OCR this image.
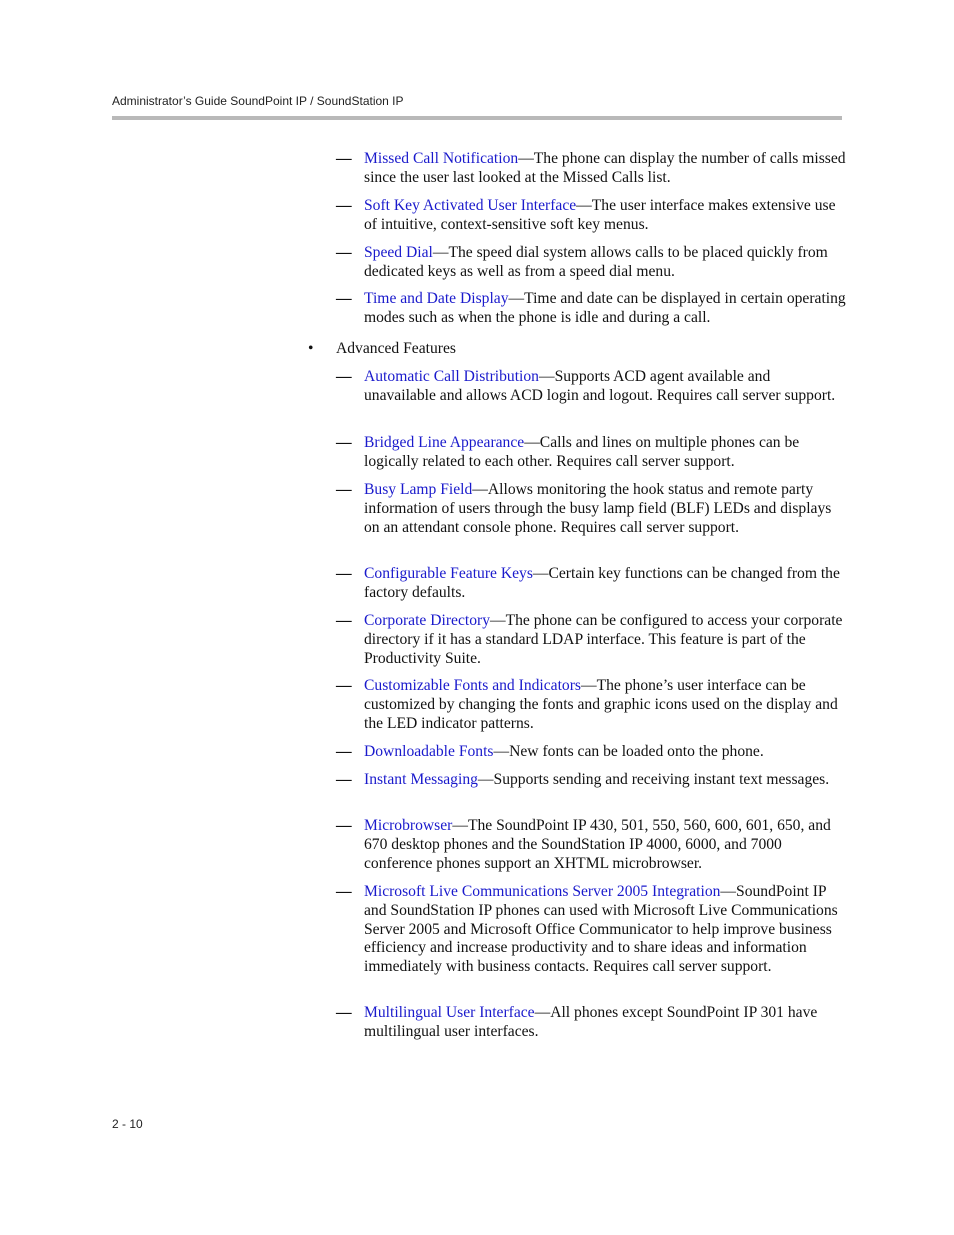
Administrator’s Guide SoundPoint IP / SoundStation IP
— Missed Call Notification—The phone can display the number of calls missed since the user last looked at the Missed Calls list.
— Soft Key Activated User Interface—The user interface makes extensive use of intuitive, context-sensitive soft key menus.
— Speed Dial—The speed dial system allows calls to be placed quickly from dedicated keys as well as from a speed dial menu.
— Time and Date Display—Time and date can be displayed in certain operating modes such as when the phone is idle and during a call.
• Advanced Features
— Automatic Call Distribution—Supports ACD agent available and unavailable and allows ACD login and logout. Requires call server support.
— Bridged Line Appearance—Calls and lines on multiple phones can be logically related to each other. Requires call server support.
— Busy Lamp Field—Allows monitoring the hook status and remote party information of users through the busy lamp field (BLF) LEDs and displays on an attendant console phone. Requires call server support.
— Configurable Feature Keys—Certain key functions can be changed from the factory defaults.
— Corporate Directory—The phone can be configured to access your corporate directory if it has a standard LDAP interface. This feature is part of the Productivity Suite.
— Customizable Fonts and Indicators—The phone’s user interface can be customized by changing the fonts and graphic icons used on the display and the LED indicator patterns.
— Downloadable Fonts—New fonts can be loaded onto the phone.
— Instant Messaging—Supports sending and receiving instant text messages.
— Microbrowser—The SoundPoint IP 430, 501, 550, 560, 600, 601, 650, and 670 desktop phones and the SoundStation IP 4000, 6000, and 7000 conference phones support an XHTML microbrowser.
— Microsoft Live Communications Server 2005 Integration—SoundPoint IP and SoundStation IP phones can used with Microsoft Live Communications Server 2005 and Microsoft Office Communicator to help improve business efficiency and increase productivity and to share ideas and information immediately with business contacts. Requires call server support.
— Multilingual User Interface—All phones except SoundPoint IP 301 have multilingual user interfaces.
2 - 10
